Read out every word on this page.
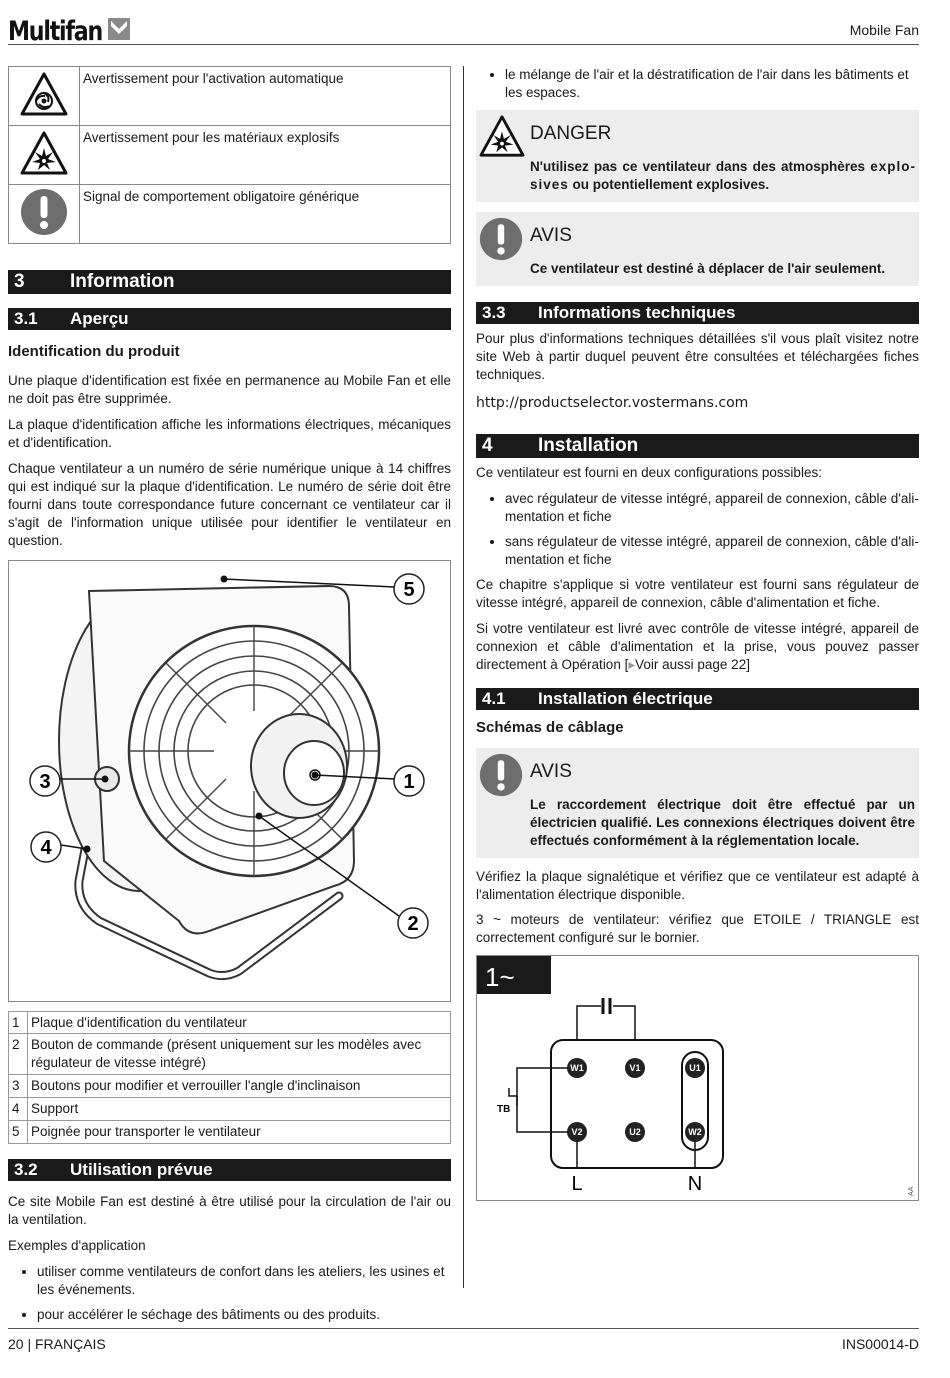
Multifan	Mobile Fan
	Avertissement pour l'activation automatique
	Avertissement pour les matériaux explosifs
	Signal de comportement obligatoire générique
3	Information
3.1	Aperçu
Identification du produit

Une plaque d'identification est fixée en permanence au Mobile Fan et elle ne doit pas être supprimée.

La plaque d'identification affiche les informations électriques, mécaniques et d'identification.

Chaque ventilateur a un numéro de série numérique unique à 14 chiffres qui est indiqué sur la plaque d'identification. Le numéro de série doit être fourni dans toute correspondance future concernant ce ventilateur car il s'agit de l'information unique utilisée pour identifier le ventilateur en question.

5
1
2
3
4
1	Plaque d'identification du ventilateur
2	Bouton de commande (présent uniquement sur les modèles avec régulateur de vitesse intégré)
3	Boutons pour modifier et verrouiller l'angle d'inclinaison
4	Support
5	Poignée pour transporter le ventilateur
3.2	Utilisation prévue

Ce site Mobile Fan est destiné à être utilisé pour la circulation de l'air ou la ventilation.

Exemples d'application

• utiliser comme ventilateurs de confort dans les ateliers, les usines et les événements.
• pour accélérer le séchage des bâtiments ou des produits.
• le mélange de l'air et la déstratification de l'air dans les bâtiments et les espaces.
DANGER
N'utilisez pas ce ventilateur dans des atmosphères explosives ou potentiellement explosives.
AVIS
Ce ventilateur est destiné à déplacer de l'air seulement.
3.3	Informations techniques

Pour plus d'informations techniques détaillées s'il vous plaît visitez notre site Web à partir duquel peuvent être consultées et téléchargées fiches techniques.

http://productselector.vostermans.com
4	Installation

Ce ventilateur est fourni en deux configurations possibles:

• avec régulateur de vitesse intégré, appareil de connexion, câble d'alimentation et fiche
• sans régulateur de vitesse intégré, appareil de connexion, câble d'alimentation et fiche

Ce chapitre s'applique si votre ventilateur est fourni sans régulateur de vitesse intégré, appareil de connexion, câble d'alimentation et fiche.

Si votre ventilateur est livré avec contrôle de vitesse intégré, appareil de connexion et câble d'alimentation et la prise, vous pouvez passer directement à Opération [▸Voir aussi page 22]

4.1	Installation électrique
Schémas de câblage
AVIS
Le raccordement électrique doit être effectué par un électricien qualifié. Les connexions électriques doivent être effectués conformément à la réglementation locale.

Vérifiez la plaque signalétique et vérifiez que ce ventilateur est adapté à l'alimentation électrique disponible.

3 ~ moteurs de ventilateur: vérifiez que ETOILE / TRIANGLE est correctement configuré sur le bornier.

1~
TB
W1	V1	U1
V2	U2	W2
L	N	AA
20 | FRANÇAIS	INS00014-D
